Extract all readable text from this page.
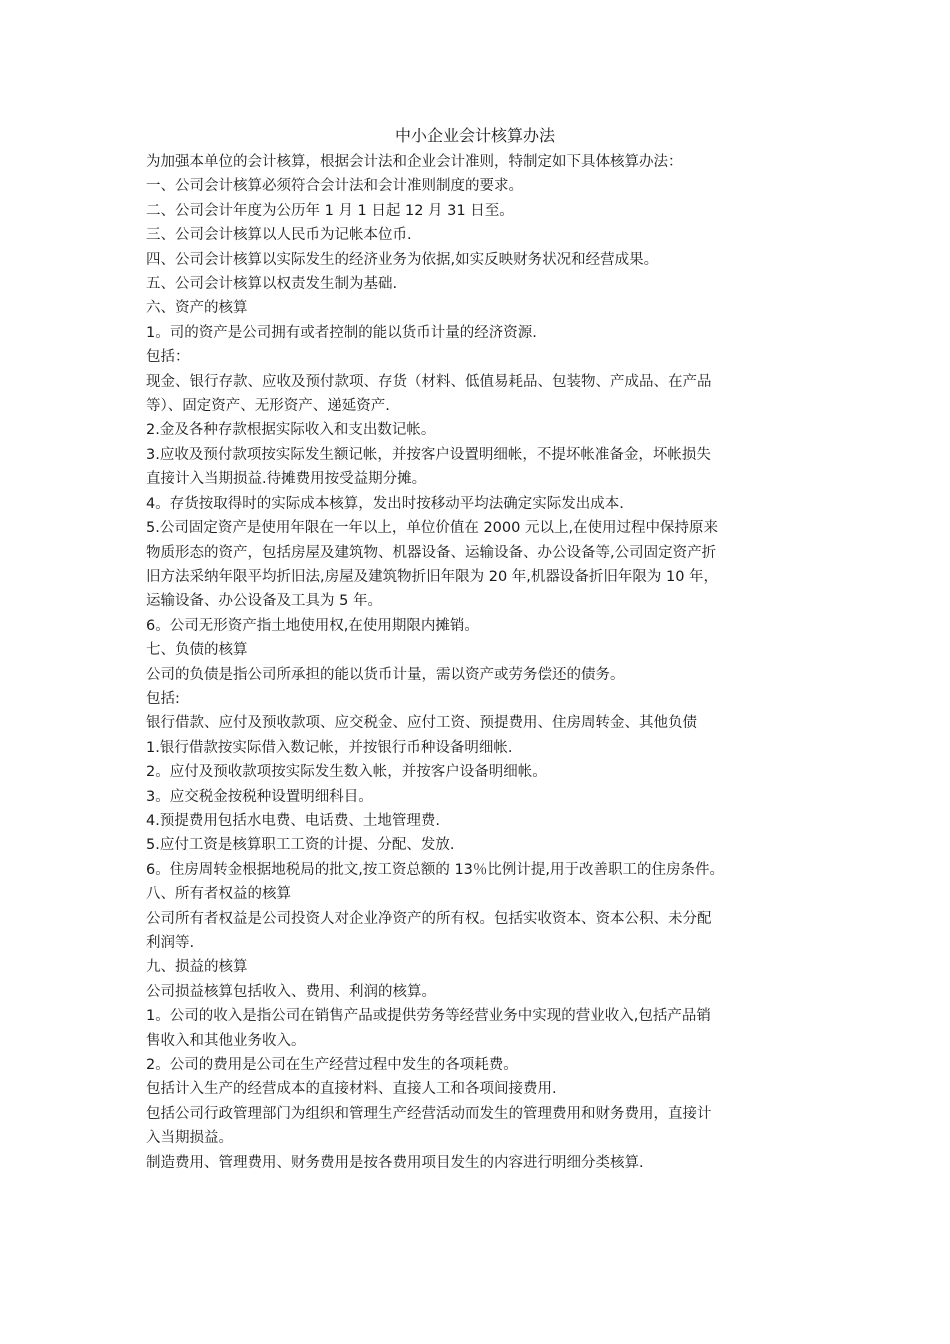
中小企业会计核算办法

为加强本单位的会计核算，根据会计法和企业会计准则，特制定如下具体核算办法：

一、公司会计核算必须符合会计法和会计准则制度的要求。

二、公司会计年度为公历年 1 月 1 日起 12 月 31 日至。

三、公司会计核算以人民币为记帐本位币.

四、公司会计核算以实际发生的经济业务为依据,如实反映财务状况和经营成果。

五、公司会计核算以权责发生制为基础.

六、资产的核算

1。司的资产是公司拥有或者控制的能以货币计量的经济资源.

包括：

现金、银行存款、应收及预付款项、存货（材料、低值易耗品、包装物、产成品、在产品

等）、固定资产、无形资产、递延资产.

2.金及各种存款根据实际收入和支出数记帐。

3.应收及预付款项按实际发生额记帐，并按客户设置明细帐，不提坏帐准备金，坏帐损失

直接计入当期损益.待摊费用按受益期分摊。

4。存货按取得时的实际成本核算，发出时按移动平均法确定实际发出成本.

5.公司固定资产是使用年限在一年以上，单位价值在 2000 元以上,在使用过程中保持原来

物质形态的资产，包括房屋及建筑物、机器设备、运输设备、办公设备等,公司固定资产折

旧方法采纳年限平均折旧法,房屋及建筑物折旧年限为 20 年,机器设备折旧年限为 10 年，

运输设备、办公设备及工具为 5 年。

6。公司无形资产指土地使用权,在使用期限内摊销。

七、负债的核算

公司的负债是指公司所承担的能以货币计量，需以资产或劳务偿还的债务。

包括:

银行借款、应付及预收款项、应交税金、应付工资、预提费用、住房周转金、其他负债

1.银行借款按实际借入数记帐，并按银行币种设备明细帐.

2。应付及预收款项按实际发生数入帐，并按客户设备明细帐。

3。应交税金按税种设置明细科目。

4.预提费用包括水电费、电话费、土地管理费.

5.应付工资是核算职工工资的计提、分配、发放.

6。住房周转金根据地税局的批文,按工资总额的 13％比例计提,用于改善职工的住房条件。

八、所有者权益的核算

公司所有者权益是公司投资人对企业净资产的所有权。包括实收资本、资本公积、未分配

利润等.

九、损益的核算

公司损益核算包括收入、费用、利润的核算。

1。公司的收入是指公司在销售产品或提供劳务等经营业务中实现的营业收入,包括产品销

售收入和其他业务收入。

2。公司的费用是公司在生产经营过程中发生的各项耗费。

包括计入生产的经营成本的直接材料、直接人工和各项间接费用.

包括公司行政管理部门为组织和管理生产经营活动而发生的管理费用和财务费用，直接计

入当期损益。

制造费用、管理费用、财务费用是按各费用项目发生的内容进行明细分类核算.
